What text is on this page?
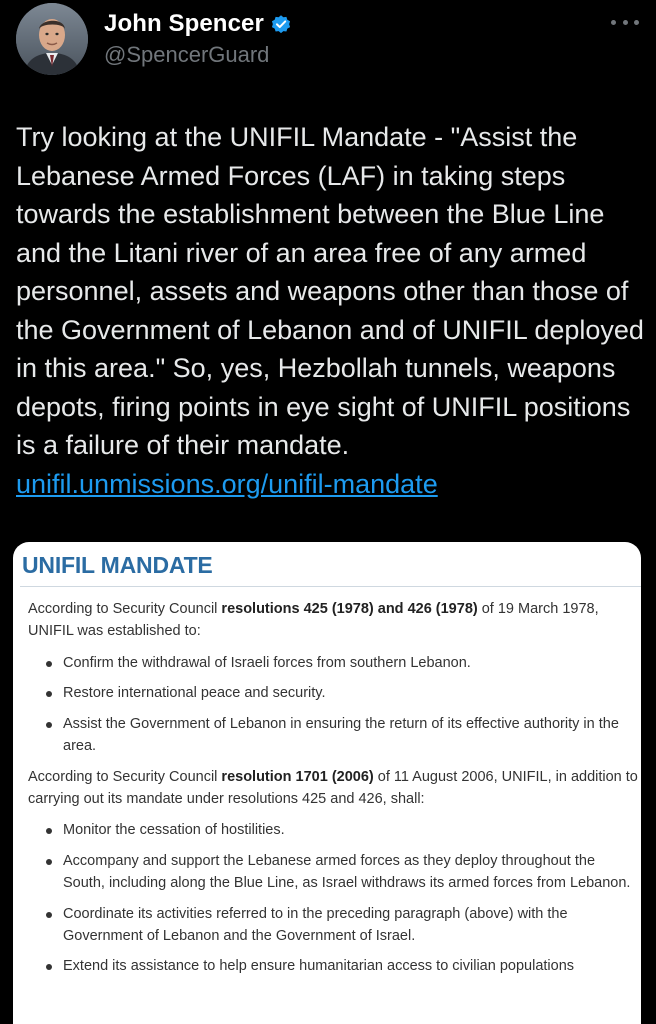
John Spencer
@SpencerGuard

Try looking at the UNIFIL Mandate - "Assist the Lebanese Armed Forces (LAF) in taking steps towards the establishment between the Blue Line and the Litani river of an area free of any armed personnel, assets and weapons other than those of the Government of Lebanon and of UNIFIL deployed in this area." So, yes, Hezbollah tunnels, weapons depots, firing points in eye sight of UNIFIL positions is a failure of their mandate. unifil.unmissions.org/unifil-mandate

UNIFIL MANDATE

According to Security Council resolutions 425 (1978) and 426 (1978) of 19 March 1978, UNIFIL was established to:

Confirm the withdrawal of Israeli forces from southern Lebanon.
Restore international peace and security.
Assist the Government of Lebanon in ensuring the return of its effective authority in the area.

According to Security Council resolution 1701 (2006) of 11 August 2006, UNIFIL, in addition to carrying out its mandate under resolutions 425 and 426, shall:

Monitor the cessation of hostilities.
Accompany and support the Lebanese armed forces as they deploy throughout the South, including along the Blue Line, as Israel withdraws its armed forces from Lebanon.
Coordinate its activities referred to in the preceding paragraph (above) with the Government of Lebanon and the Government of Israel.
Extend its assistance to help ensure humanitarian access to civilian populations
